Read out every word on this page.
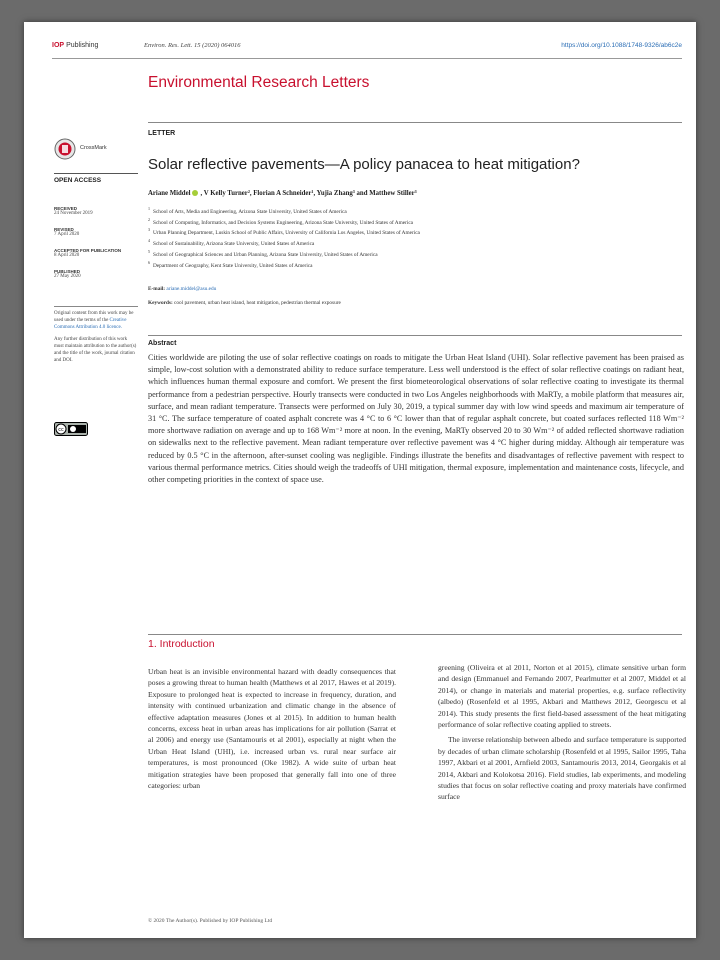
IOP Publishing	Environ. Res. Lett. 15 (2020) 064016	https://doi.org/10.1088/1748-9326/ab6c2e
Environmental Research Letters
CrossMark
OPEN ACCESS
RECEIVED
24 November 2019
REVISED
7 April 2020
ACCEPTED FOR PUBLICATION
8 April 2020
PUBLISHED
27 May 2020

Original content from this work may be used under the terms of the Creative Commons Attribution 4.0 licence.

Any further distribution of this work must maintain attribution to the author(s) and the title of the work, journal citation and DOI.

cc
LETTER
Solar reflective pavements—A policy panacea to heat mitigation?
Ariane Middel , V Kelly Turner², Florian A Schneider¹, Yujia Zhang³ and Matthew Stiller³
$^1$School of Arts, Media and Engineering, Arizona State University, United States of America
$^2$School of Computing, Informatics, and Decision Systems Engineering, Arizona State University, United States of America
$^3$Urban Planning Department, Luskin School of Public Affairs, University of California Los Angeles, United States of America
$^4$School of Sustainability, Arizona State University, United States of America
$^5$School of Geographical Sciences and Urban Planning, Arizona State University, United States of America
$^6$Department of Geography, Kent State University, United States of America
E-mail: ariane.middel@asu.edu
Keywords: cool pavement, urban heat island, heat mitigation, pedestrian thermal exposure
Abstract
Cities worldwide are piloting the use of solar reflective coatings on roads to mitigate the Urban Heat Island (UHI). Solar reflective pavement has been praised as simple, low-cost solution with a demonstrated ability to reduce surface temperature. Less well understood is the effect of solar reflective coatings on radiant heat, which influences human thermal exposure and comfort. We present the first biometeorological observations of solar reflective coating to investigate its thermal performance from a pedestrian perspective. Hourly transects were conducted in two Los Angeles neighborhoods with MaRTy, a mobile platform that measures air, surface, and mean radiant temperature. Transects were performed on July 30, 2019, a typical summer day with low wind speeds and maximum air temperature of 31 °C. The surface temperature of coated asphalt concrete was 4 °C to 6 °C lower than that of regular asphalt concrete, but coated surfaces reflected 118 Wm⁻² more shortwave radiation on average and up to 168 Wm⁻² more at noon. In the evening, MaRTy observed 20 to 30 Wm⁻² of added reflected shortwave radiation on sidewalks next to the reflective pavement. Mean radiant temperature over reflective pavement was 4 °C higher during midday. Although air temperature was reduced by 0.5 °C in the afternoon, after-sunset cooling was negligible. Findings illustrate the benefits and disadvantages of reflective pavement with respect to various thermal performance metrics. Cities should weigh the tradeoffs of UHI mitigation, thermal exposure, implementation and maintenance costs, lifecycle, and other competing priorities in the context of space use.
1. Introduction

Urban heat is an invisible environmental hazard with deadly consequences that poses a growing threat to human health (Matthews et al 2017, Hawes et al 2019). Exposure to prolonged heat is expected to increase in frequency, duration, and intensity with continued urbanization and climatic change in the absence of effective adaptation measures (Jones et al 2015). In addition to human health concerns, excess heat in urban areas has implications for air pollution (Sarrat et al 2006) and energy use (Santamouris et al 2001), especially at night when the Urban Heat Island (UHI), i.e. increased urban vs. rural near surface air temperatures, is most pronounced (Oke 1982). A wide suite of urban heat mitigation strategies have been proposed that generally fall into one of three categories: urban

greening (Oliveira et al 2011, Norton et al 2015), climate sensitive urban form and design (Emmanuel and Fernando 2007, Pearlmutter et al 2007, Middel et al 2014), or change in materials and material properties, e.g. surface reflectivity (albedo) (Rosenfeld et al 1995, Akbari and Matthews 2012, Georgescu et al 2014). This study presents the first field-based assessment of the heat mitigating performance of solar reflective coating applied to streets.

The inverse relationship between albedo and surface temperature is supported by decades of urban climate scholarship (Rosenfeld et al 1995, Sailor 1995, Taha 1997, Akbari et al 2001, Arnfield 2003, Santamouris 2013, 2014, Georgakis et al 2014, Akbari and Kolokotsa 2016). Field studies, lab experiments, and modeling studies that focus on solar reflective coating and proxy materials have confirmed surface

© 2020 The Author(s). Published by IOP Publishing Ltd
